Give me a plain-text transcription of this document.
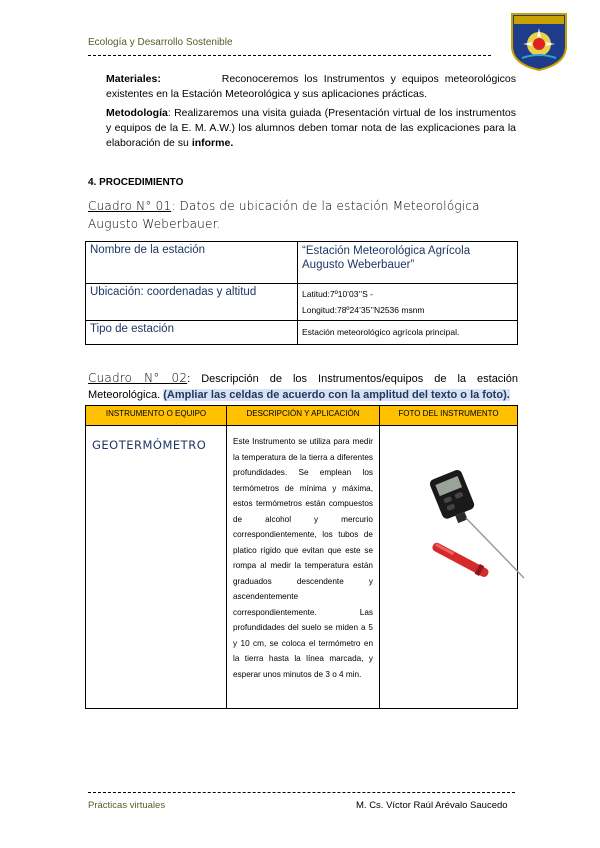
Ecología y Desarrollo Sostenible
Materiales:	Reconoceremos los Instrumentos y equipos meteorológicos existentes en la Estación Meteorológica y sus aplicaciones prácticas.
Metodología: Realizaremos una visita guiada (Presentación virtual de los instrumentos y equipos de la E. M. A.W.) los alumnos deben tomar nota de las explicaciones para la elaboración de su informe.
4. PROCEDIMIENTO
Cuadro N° 01: Datos de ubicación de la estación Meteorológica Augusto Weberbauer.
Nombre de la estación	“Estación Meteorológica Agrícola Augusto Weberbauer”
Ubicación: coordenadas y altitud	Latitud:7º10’03’’S -
Longitud:78º24’35’’N2536 msnm

Tipo de estación	Estación meteorológico agrícola principal.
Cuadro N° 02: Descripción de los Instrumentos/equipos de la estación Meteorológica. (Ampliar las celdas de acuerdo con la amplitud del texto o la foto).
INSTRUMENTO O EQUIPO	DESCRIPCIÓN Y APLICACIÓN	FOTO DEL INSTRUMENTO
GEOTERMÓMETRO	Este Instrumento se utiliza para medir la temperatura de la tierra a diferentes profundidades. Se emplean los termómetros de mínima y máxima, estos termómetros están compuestos de alcohol y mercurio correspondientemente, los tubos de platico rígido que evitan que este se rompa al medir la temperatura están graduados descendente y ascendentemente correspondientemente. Las profundidades del suelo se miden a 5 y 10 cm, se coloca el termómetro en la tierra hasta la línea marcada, y esperar unos minutos de 3 o 4 min.	
Prácticas virtuales	M. Cs. Víctor Raúl Arévalo Saucedo
